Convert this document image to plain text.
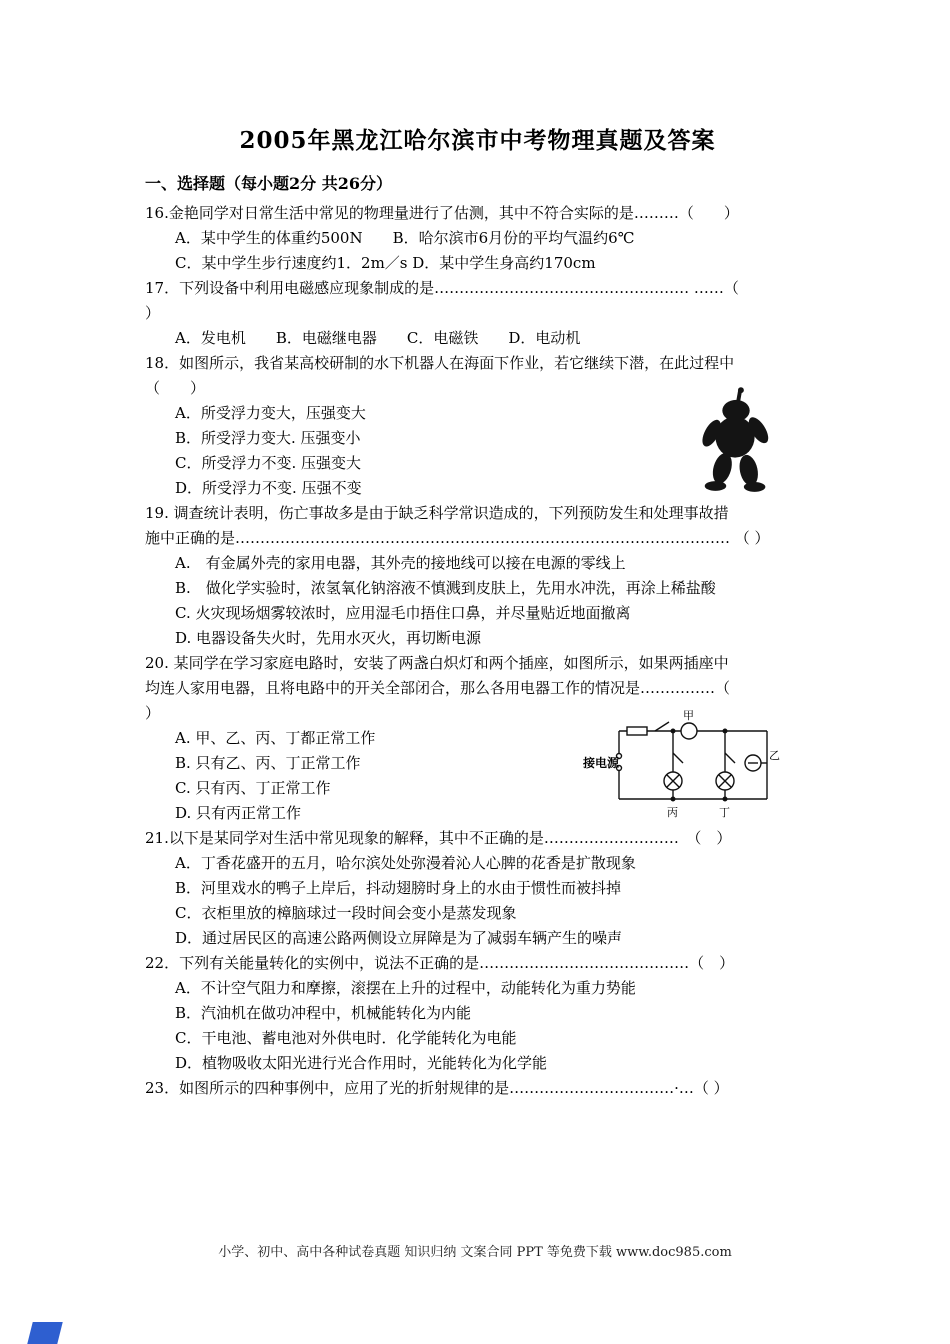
2005年黑龙江哈尔滨市中考物理真题及答案
一、选择题（每小题2分 共26分）
16.金艳同学对日常生活中常见的物理量进行了估测，其中不符合实际的是………（　　）
A．某中学生的体重约500N　　B．哈尔滨市6月份的平均气温约6℃
C．某中学生步行速度约1．2m／s D．某中学生身高约170cm
17．下列设备中利用电磁感应现象制成的是…………………………………………… ……（
）
A．发电机　　B．电磁继电器　　C．电磁铁　　D．电动机
18．如图所示，我省某高校研制的水下机器人在海面下作业，若它继续下潜，在此过程中
（　　）
A．所受浮力变大，压强变大
B．所受浮力变大. 压强变小
C．所受浮力不变. 压强变大
D．所受浮力不变. 压强不变
19. 调查统计表明，伤亡事故多是由于缺乏科学常识造成的，下列预防发生和处理事故措
施中正确的是……………………………………………………………………………………… （ ）
A.　有金属外壳的家用电器，其外壳的接地线可以接在电源的零线上
B.　做化学实验时，浓氢氧化钠溶液不慎溅到皮肤上，先用水冲洗，再涂上稀盐酸
C. 火灾现场烟雾较浓时，应用湿毛巾捂住口鼻，并尽量贴近地面撤离
D. 电器设备失火时，先用水灭火，再切断电源
20. 某同学在学习家庭电路时，安装了两盏白炽灯和两个插座，如图所示，如果两插座中
均连人家用电器，且将电路中的开关全部闭合，那么各用电器工作的情况是……………（
）
A. 甲、乙、丙、丁都正常工作
B. 只有乙、丙、丁正常工作
C. 只有丙、丁正常工作
D. 只有丙正常工作
接电源
甲
乙
丙	丁
21.以下是某同学对生活中常见现象的解释，其中不正确的是………………………　（　）
A．丁香花盛开的五月，哈尔滨处处弥漫着沁人心脾的花香是扩散现象
B．河里戏水的鸭子上岸后，抖动翅膀时身上的水由于惯性而被抖掉
C．衣柜里放的樟脑球过一段时间会变小是蒸发现象
D．通过居民区的高速公路两侧设立屏障是为了减弱车辆产生的噪声
22．下列有关能量转化的实例中，说法不正确的是……………………………………（　）
A．不计空气阻力和摩擦，滚摆在上升的过程中，动能转化为重力势能
B．汽油机在做功冲程中，机械能转化为内能
C．干电池、蓄电池对外供电时．化学能转化为电能
D．植物吸收太阳光进行光合作用时，光能转化为化学能
23．如图所示的四种事例中，应用了光的折射规律的是……………………………·…（ ）
小学、初中、高中各种试卷真题 知识归纳 文案合同 PPT 等免费下载 www.doc985.com
